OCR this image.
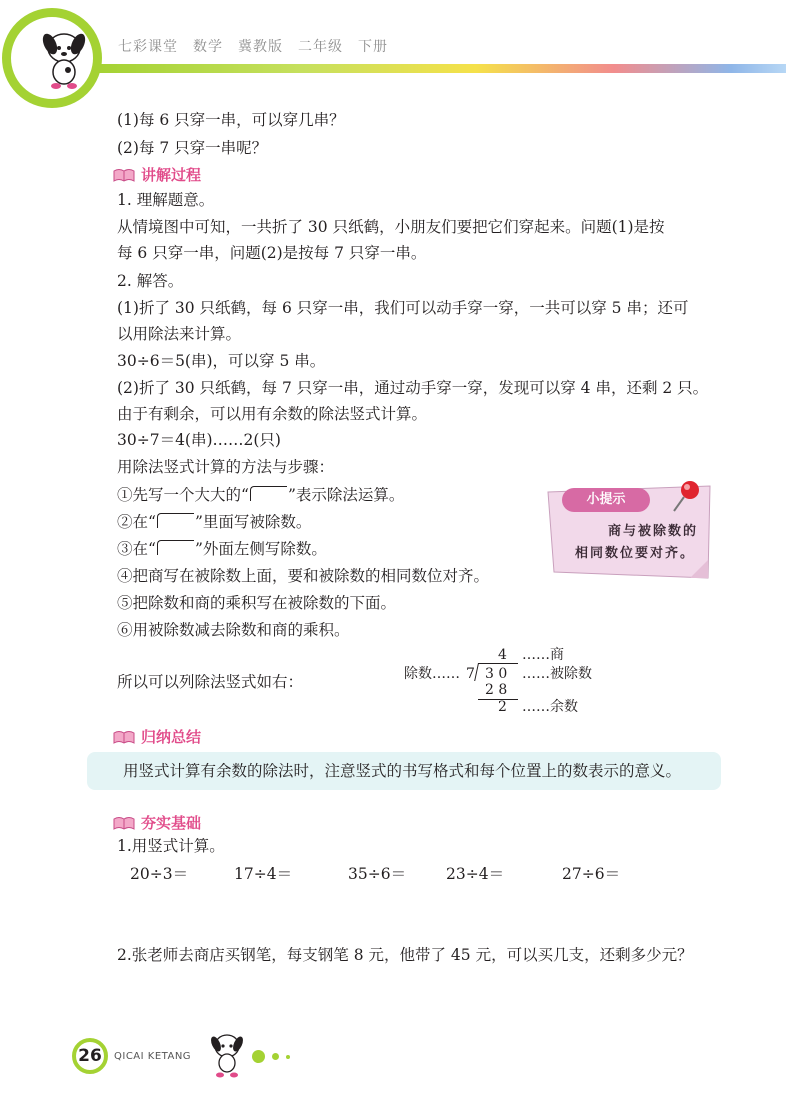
七彩课堂　数学　冀教版　二年级　下册
(1)每 6 只穿一串，可以穿几串？
(2)每 7 只穿一串呢？
讲解过程
1. 理解题意。
从情境图中可知，一共折了 30 只纸鹤，小朋友们要把它们穿起来。问题(1)是按
每 6 只穿一串，问题(2)是按每 7 只穿一串。
2. 解答。
(1)折了 30 只纸鹤，每 6 只穿一串，我们可以动手穿一穿，一共可以穿 5 串；还可
以用除法来计算。
30÷6＝5(串)，可以穿 5 串。
(2)折了 30 只纸鹤，每 7 只穿一串，通过动手穿一穿，发现可以穿 4 串，还剩 2 只。
由于有剩余，可以用有余数的除法竖式计算。
30÷7＝4(串)……2(只)
用除法竖式计算的方法与步骤：
①先写一个大大的“	”表示除法运算。
②在“	”里面写被除数。
③在“	”外面左侧写除数。
④把商写在被除数上面，要和被除数的相同数位对齐。
⑤把除数和商的乘积写在被除数的下面。
⑥用被除数减去除数和商的乘积。
小提示
商与被除数的
相同数位要对齐。
所以可以列除法竖式如右：
4 ……商
除数…… 7 3 0 ……被除数
2 8
2 ……余数
归纳总结
用竖式计算有余数的除法时，注意竖式的书写格式和每个位置上的数表示的意义。
夯实基础
1.用竖式计算。
20÷3＝	17÷4＝	35÷6＝	23÷4＝	27÷6＝
2.张老师去商店买钢笔，每支钢笔 8 元，他带了 45 元，可以买几支，还剩多少元？
26	QICAI KETANG
